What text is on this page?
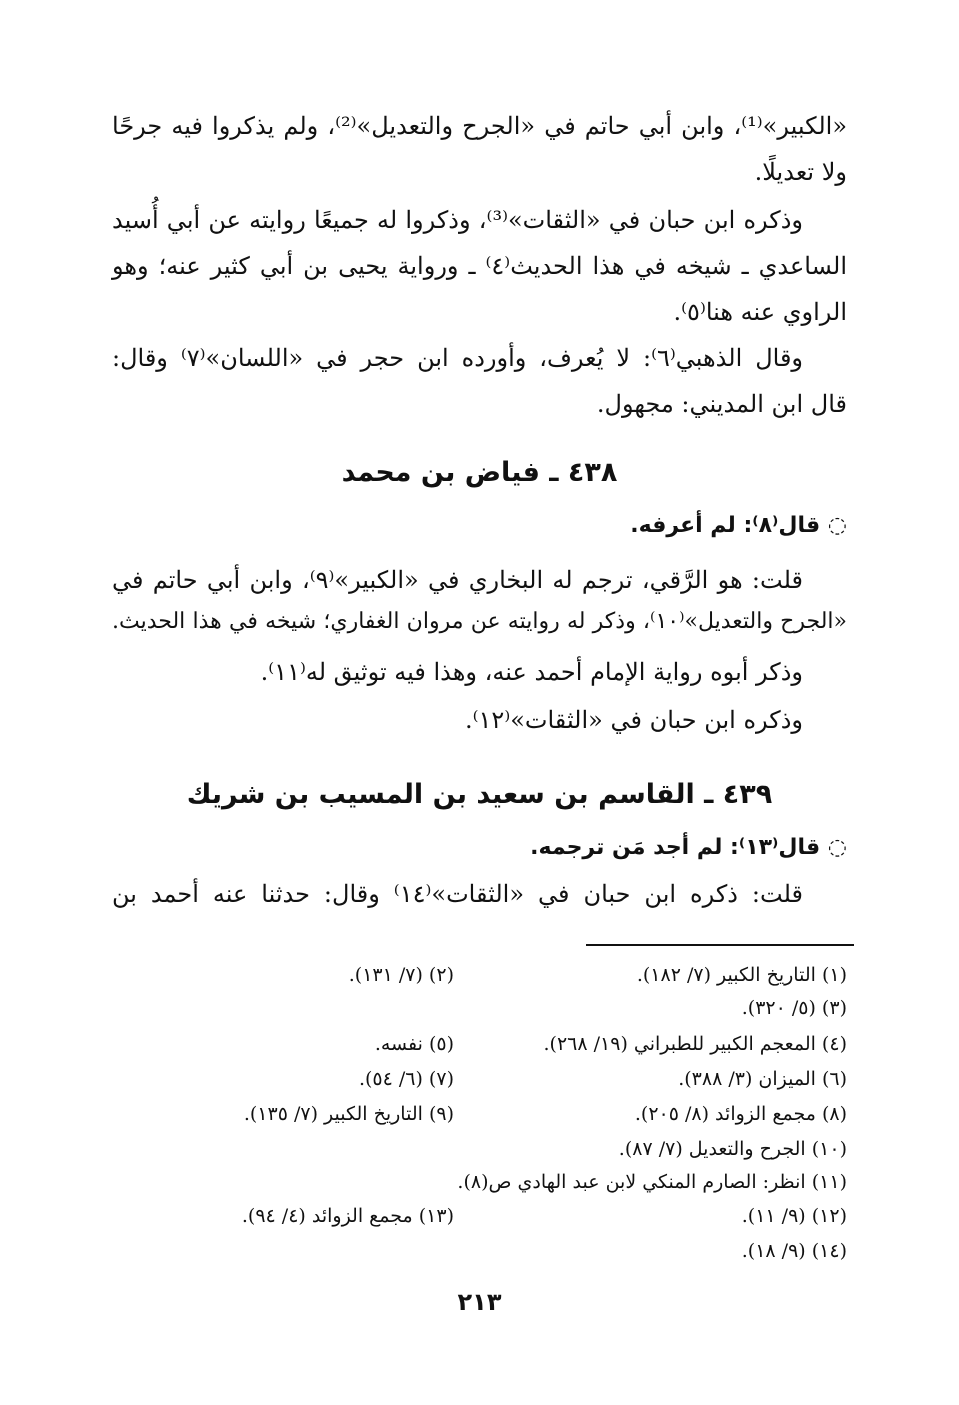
«الكبير»⁽¹⁾، وابن أبي حاتم في «الجرح والتعديل»⁽²⁾، ولم يذكروا فيه جرحًا
ولا تعديلًا.
وذكره ابن حبان في «الثقات»⁽³⁾، وذكروا له جميعًا روايته عن أبي أُسيد
الساعدي ـ شيخه في هذا الحديث⁽٤⁾ ـ ورواية يحيى بن أبي كثير عنه؛ وهو
الراوي عنه هنا⁽٥⁾.
وقال الذهبي⁽٦⁾: لا يُعرف، وأورده ابن حجر في «اللسان»⁽٧⁾ وقال:
قال ابن المديني: مجهول.
٤٣٨ ـ فياض بن محمد
◌ قال⁽٨⁾: لم أعرفه.
قلت: هو الرَّقي، ترجم له البخاري في «الكبير»⁽٩⁾، وابن أبي حاتم في
«الجرح والتعديل»⁽١٠⁾، وذكر له روايته عن مروان الغفاري؛ شيخه في هذا الحديث.
وذكر أبوه رواية الإمام أحمد عنه، وهذا فيه توثيق له⁽١١⁾.
وذكره ابن حبان في «الثقات»⁽١٢⁾.
٤٣٩ ـ القاسم بن سعيد بن المسيب بن شريك
◌ قال⁽١٣⁾: لم أجد مَن ترجمه.
قلت: ذكره ابن حبان في «الثقات»⁽١٤⁾ وقال: حدثنا عنه أحمد بن
(١) التاريخ الكبير (٧/ ١٨٢).
(٢) (٧/ ١٣١).
(٣) (٥/ ٣٢٠).
(٤) المعجم الكبير للطبراني (١٩/ ٢٦٨).
(٥) نفسه.
(٦) الميزان (٣/ ٣٨٨).
(٧) (٦/ ٥٤).
(٨) مجمع الزوائد (٨/ ٢٠٥).
(٩) التاريخ الكبير (٧/ ١٣٥).
(١٠) الجرح والتعديل (٧/ ٨٧).
(١١) انظر: الصارم المنكي لابن عبد الهادي ص(٨).
(١٢) (٩/ ١١).
(١٣) مجمع الزوائد (٤/ ٩٤).
(١٤) (٩/ ١٨).
٢١٣
